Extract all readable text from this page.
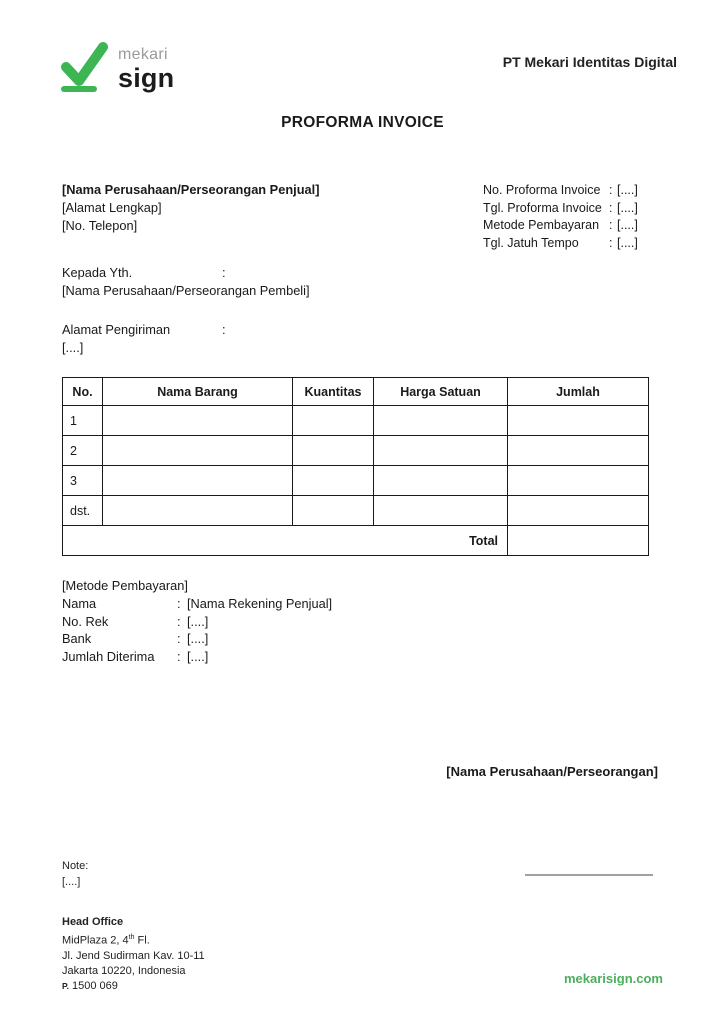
mekari
sign
PT Mekari Identitas Digital
PROFORMA INVOICE
[Nama Perusahaan/Perseorangan Penjual]
[Alamat Lengkap]
[No. Telepon]
No. Proforma Invoice : [....]
Tgl. Proforma Invoice : [....]
Metode Pembayaran : [....]
Tgl. Jatuh Tempo	: [....]
Kepada Yth.	:
[Nama Perusahaan/Perseorangan Pembeli]
Alamat Pengiriman	:
[....]
No.	Nama Barang	Kuantitas	Harga Satuan	Jumlah
1				
2				
3				
dst.				
Total				
[Metode Pembayaran]
Nama	: [Nama Rekening Penjual]
No. Rek	: [....]
Bank	: [....]
Jumlah Diterima	: [....]
[Nama Perusahaan/Perseorangan]
Note:
[....]
Head Office
MidPlaza 2, 4th Fl.
Jl. Jend Sudirman Kav. 10-11
Jakarta 10220, Indonesia
P. 1500 069	mekarisign.com
